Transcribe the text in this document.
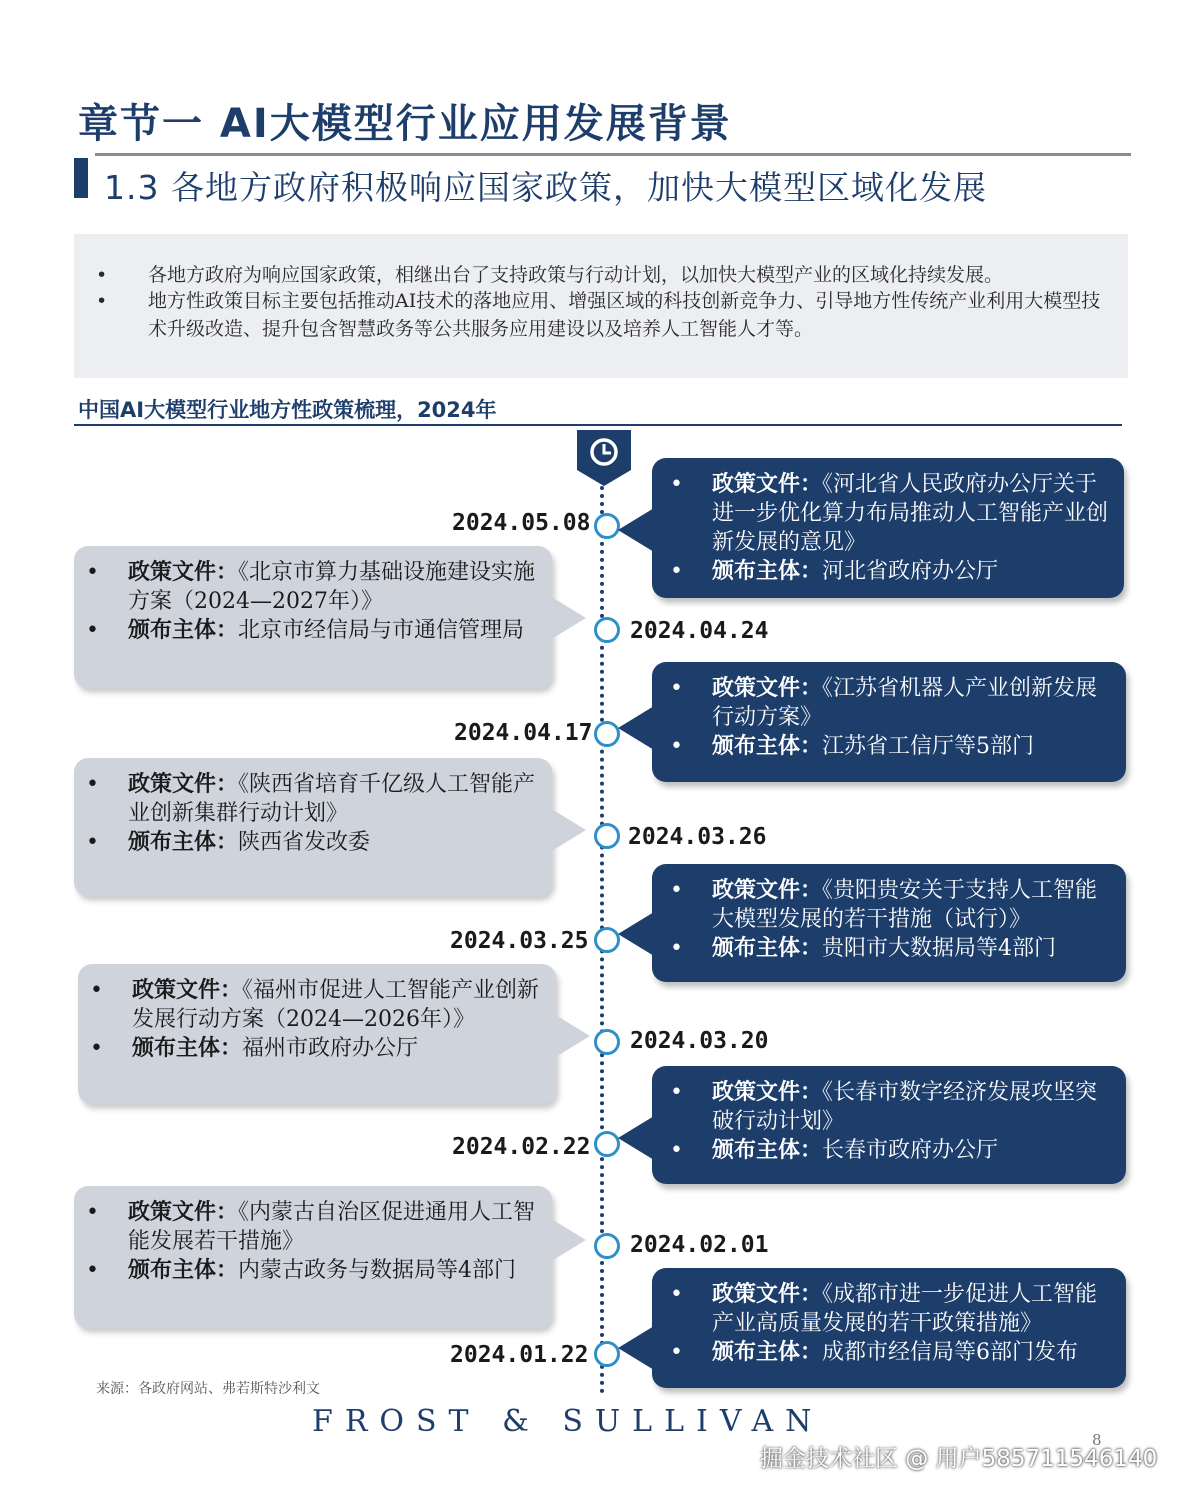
章节一 AI大模型行业应用发展背景
1.3 各地方政府积极响应国家政策，加快大模型区域化发展
• 各地方政府为响应国家政策，相继出台了支持政策与行动计划，以加快大模型产业的区域化持续发展。
• 地方性政策目标主要包括推动AI技术的落地应用、增强区域的科技创新竞争力、引导地方性传统产业利用大模型技术升级改造、提升包含智慧政务等公共服务应用建设以及培养人工智能人才等。
中国AI大模型行业地方性政策梳理，2024年
2024.05.08
•	政策文件：《河北省人民政府办公厅关于进一步优化算力布局推动人工智能产业创新发展的意见》
•	颁布主体：河北省政府办公厅
2024.04.24
•	政策文件：《北京市算力基础设施建设实施方案（2024—2027年）》
•	颁布主体：北京市经信局与市通信管理局
2024.04.17
•	政策文件：《江苏省机器人产业创新发展行动方案》
•	颁布主体：江苏省工信厅等5部门
2024.03.26
•	政策文件：《陕西省培育千亿级人工智能产业创新集群行动计划》
•	颁布主体：陕西省发改委
2024.03.25
•	政策文件：《贵阳贵安关于支持人工智能大模型发展的若干措施（试行）》
•	颁布主体：贵阳市大数据局等4部门
2024.03.20
•	政策文件：《福州市促进人工智能产业创新发展行动方案（2024—2026年）》
•	颁布主体：福州市政府办公厅
2024.02.22
•	政策文件：《长春市数字经济发展攻坚突破行动计划》
•	颁布主体：长春市政府办公厅
2024.02.01
•	政策文件：《内蒙古自治区促进通用人工智能发展若干措施》
•	颁布主体：内蒙古政务与数据局等4部门
2024.01.22
•	政策文件：《成都市进一步促进人工智能产业高质量发展的若干政策措施》
•	颁布主体：成都市经信局等6部门发布
来源：各政府网站、弗若斯特沙利文
FROST & SULLIVAN
8
掘金技术社区 @ 用户585711546140
